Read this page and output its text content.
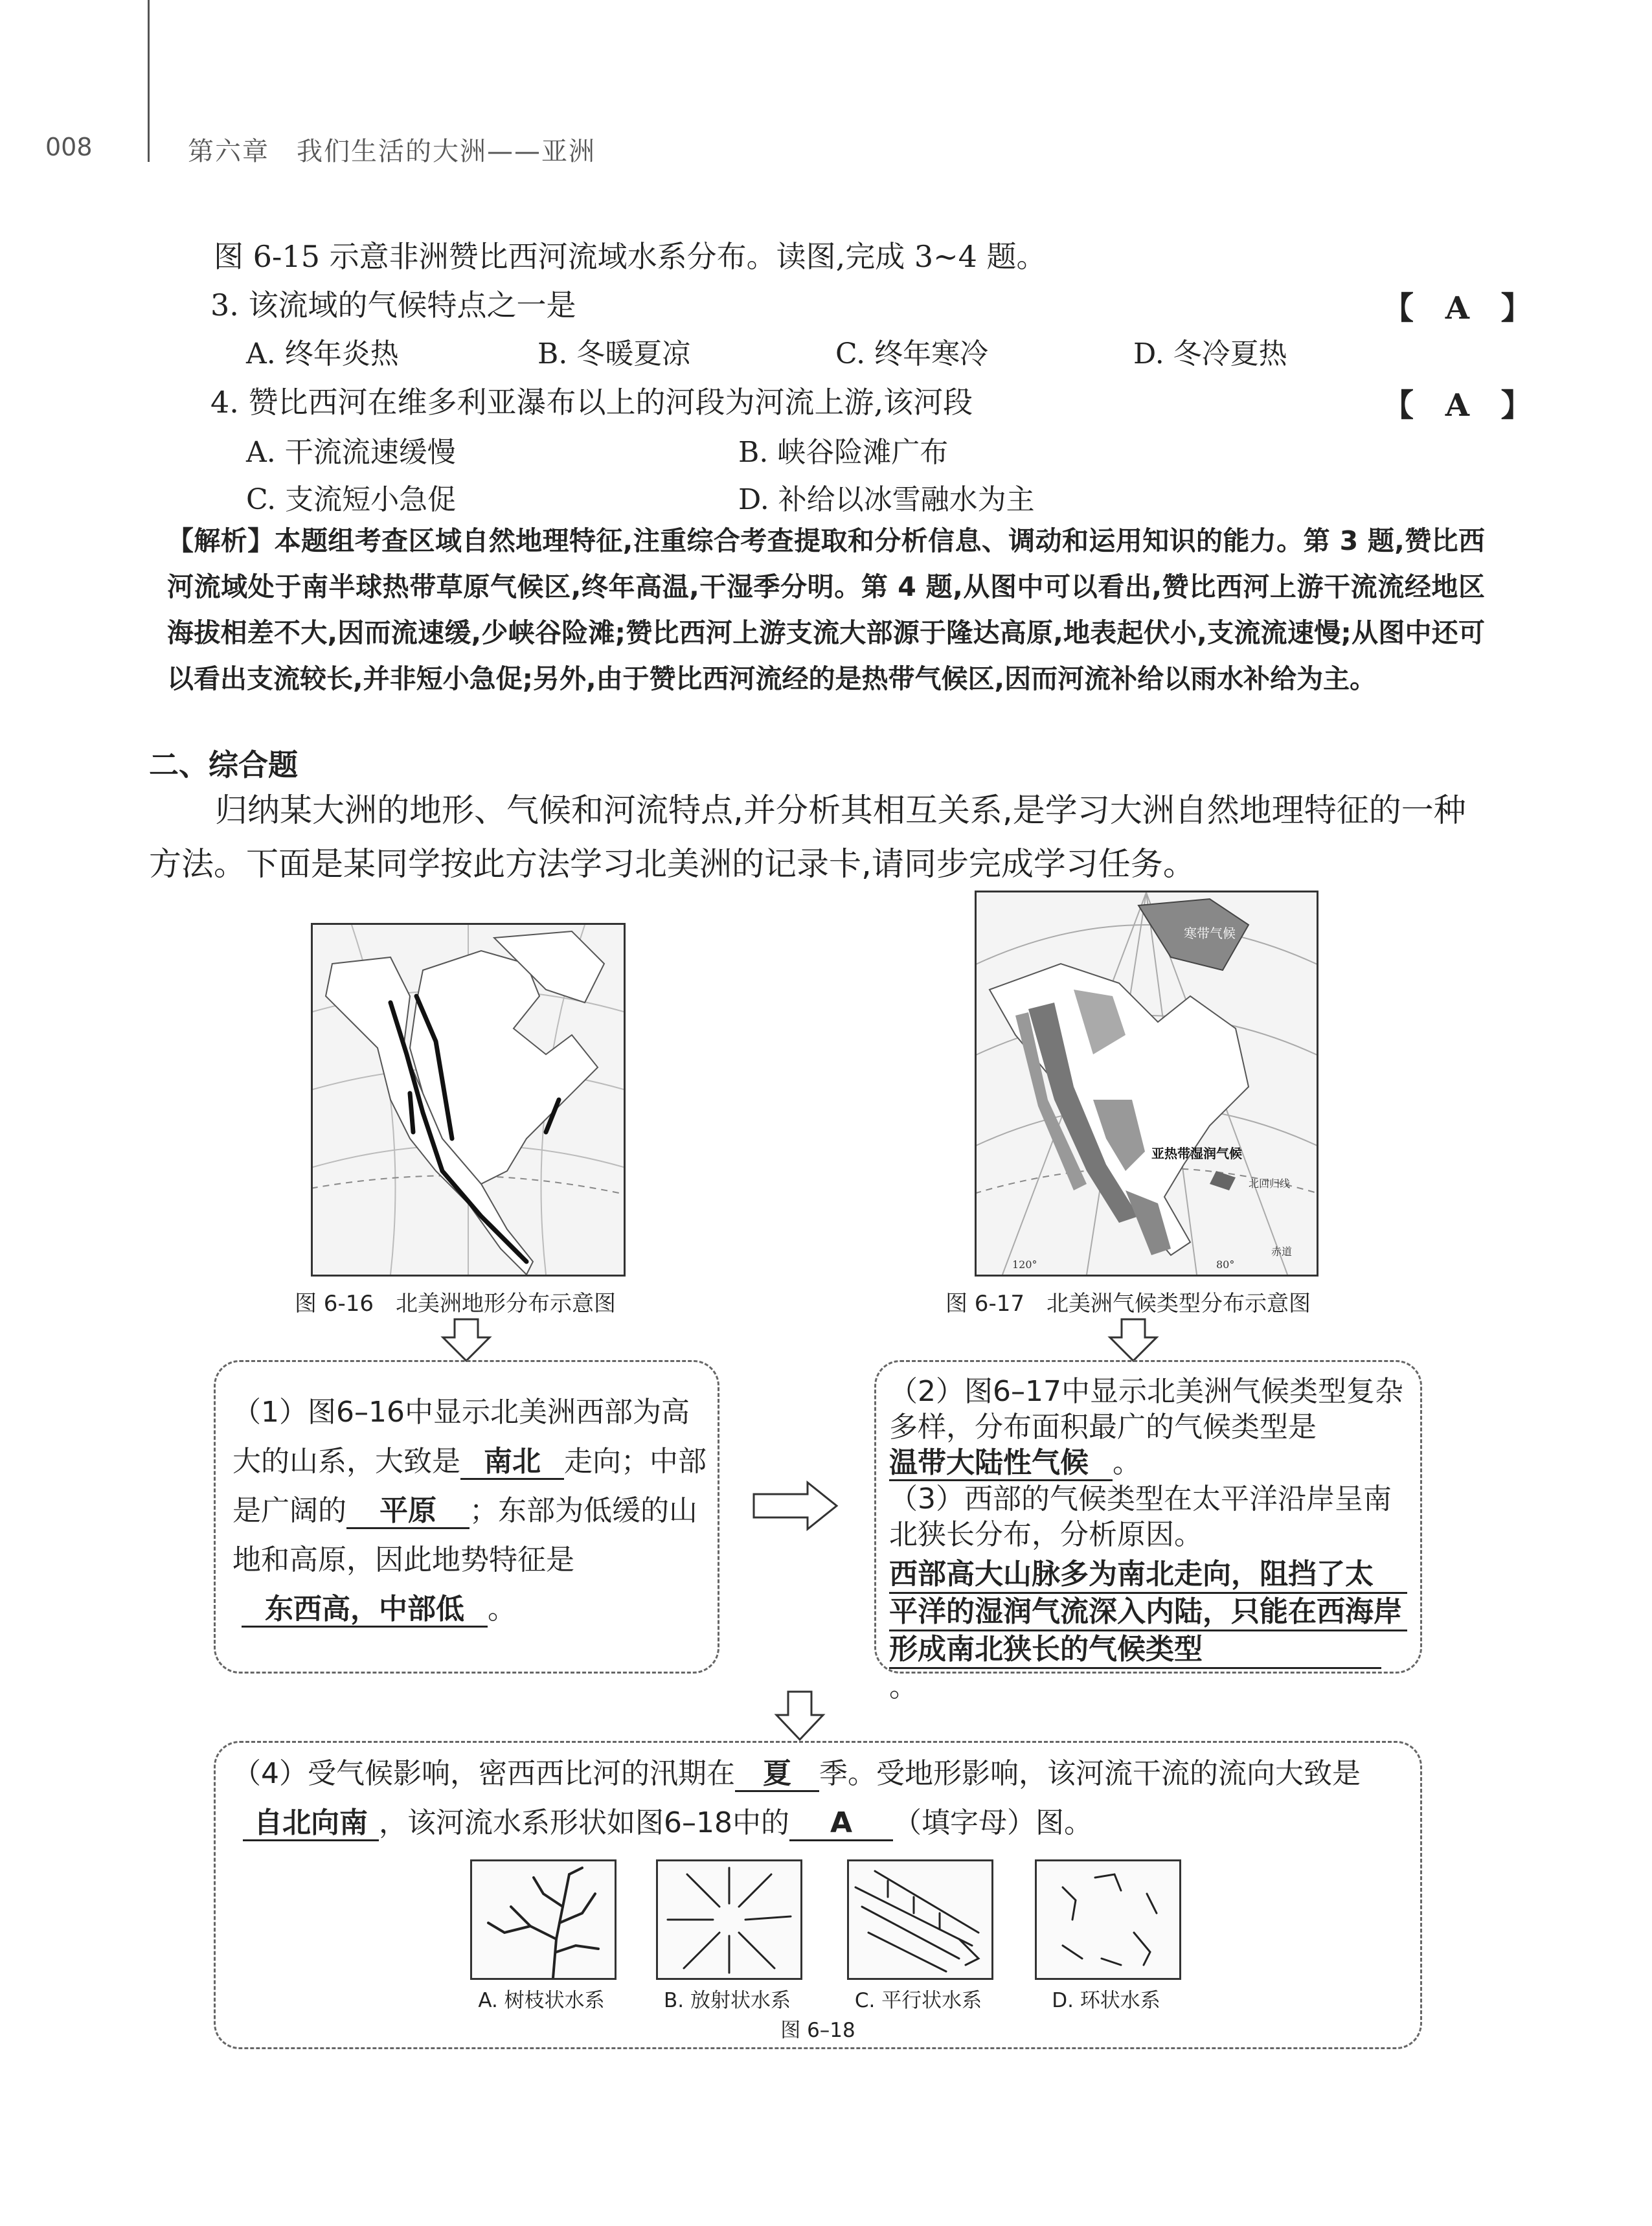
008	第六章　我们生活的大洲——亚洲
图 6-15 示意非洲赞比西河流域水系分布。读图,完成 3~4 题。
3. 该流域的气候特点之一是	【 A 】
A. 终年炎热	B. 冬暖夏凉	C. 终年寒冷	D. 冬冷夏热
4. 赞比西河在维多利亚瀑布以上的河段为河流上游,该河段	【 A 】
A. 干流流速缓慢	B. 峡谷险滩广布
C. 支流短小急促	D. 补给以冰雪融水为主
【解析】本题组考查区域自然地理特征,注重综合考查提取和分析信息、调动和运用知识的能力。第 3 题,赞比西河流域处于南半球热带草原气候区,终年高温,干湿季分明。第 4 题,从图中可以看出,赞比西河上游干流流经地区海拔相差不大,因而流速缓,少峡谷险滩;赞比西河上游支流大部源于隆达高原,地表起伏小,支流流速慢;从图中还可以看出支流较长,并非短小急促;另外,由于赞比西河流经的是热带气候区,因而河流补给以雨水补给为主。
二、综合题
归纳某大洲的地形、气候和河流特点,并分析其相互关系,是学习大洲自然地理特征的一种方法。下面是某同学按此方法学习北美洲的记录卡,请同步完成学习任务。
图 6-16　北美洲地形分布示意图
寒带气候
亚热带湿润气候
北回归线
赤道
120°	80°
图 6-17　北美洲气候类型分布示意图
（1）图6–16中显示北美洲西部为高大的山系，大致是 南北 走向；中部是广阔的 平原 ；东部为低缓的山地和高原，因此地势特征是
东西高，中部低 。
（2）图6–17中显示北美洲气候类型复杂多样，分布面积最广的气候类型是
温带大陆性气候 。
（3）西部的气候类型在太平洋沿岸呈南北狭长分布，分析原因。
西部高大山脉多为南北走向，阻挡了太
平洋的湿润气流深入内陆，只能在西海岸
形成南北狭长的气候类型。
（4）受气候影响，密西西比河的汛期在 夏 季。受地形影响，该河流干流的流向大致是
自北向南 ，该河流水系形状如图6–18中的 A （填字母）图。
A. 树枝状水系	B. 放射状水系	C. 平行状水系	D. 环状水系
图 6–18
